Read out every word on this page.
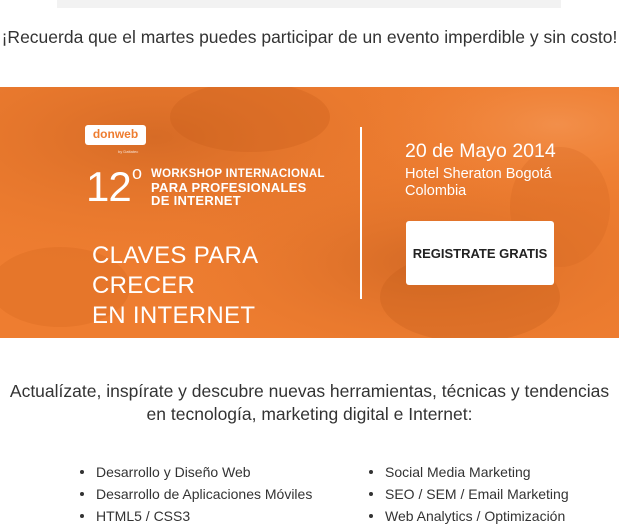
¡Recuerda que el martes puedes participar de un evento imperdible y sin costo!
donweb
by Dattatec
12 o WORKSHOP INTERNACIONAL
PARA PROFESIONALES
DE INTERNET
CLAVES PARA CRECER
EN INTERNET
20 de Mayo 2014
Hotel Sheraton Bogotá
Colombia
REGISTRATE GRATIS
Actualízate, inspírate y descubre nuevas herramientas, técnicas y tendencias en tecnología, marketing digital e Internet:
Desarrollo y Diseño Web
Desarrollo de Aplicaciones Móviles
HTML5 / CSS3
Social Media Marketing
SEO / SEM / Email Marketing
Web Analytics / Optimización
